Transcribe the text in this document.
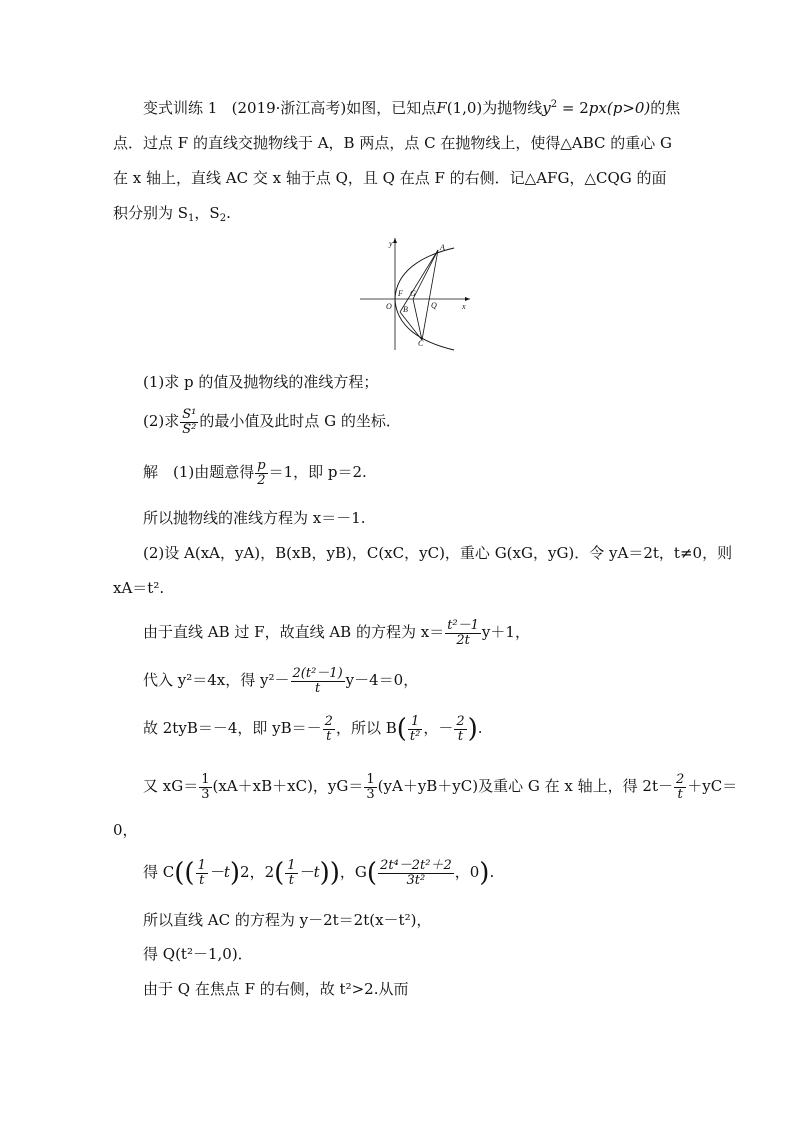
变式训练 1 (2019·浙江高考)如图，已知点F(1,0)为抛物线$y^2 = 2px(p>0)$的焦
点．过点 F 的直线交抛物线于 A，B 两点，点 C 在抛物线上，使得△ABC 的重心 G
在 x 轴上，直线 AC 交 x 轴于点 Q，且 Q 在点 F 的右侧．记△AFG，△CQG 的面
积分别为 $S_1$，$S_2$.
y
x
A
B
C
F G
Q
O
(1)求 p 的值及抛物线的准线方程；
(2)求 $\frac{\text{S¹}}{\text{S²}}$ 的最小值及此时点 G 的坐标．
解　(1)由题意得 $\frac{p}{2} =1$，即 p＝2.
所以抛物线的准线方程为 x＝－1.
(2)设 A(xA，yA)，B(xB，yB)，C(xC，yC)，重心 G(xG，yG)．令 yA＝2t，t≠0，则
xA＝t².
由于直线 AB 过 F，故直线 AB 的方程为 $x= \frac{\text{t²－1}}{2t} y+1$，
代入 y²＝4x，得 $y^2- \frac{\text{2(t²－1)}}{t} y-4=0$，
故 2tyB＝－4，即 $yB=- \frac{2}{t}$ ，所以 $B( \frac{1}{\text{t²}}$ ，－ $\frac{2}{t}$ ).
又 $xG= \frac{1}{3} (xA+xB+xC)$，$yG= \frac{1}{3} (yA+yB+yC)$及重心 G 在 x 轴上，得 $2t- \frac{2}{t} +yC=$
0，
得 $C(( \frac{1}{t} -t)2$，$2( \frac{1}{t} -t)$)，$G( \frac{\text{2t⁴－2t²＋2}}{\text{3t²}}$ ，0).
所以直线 AC 的方程为 y－2t＝2t(x－t²)，
得 Q(t²－1,0)．
由于 Q 在焦点 F 的右侧，故 t²>2.从而
